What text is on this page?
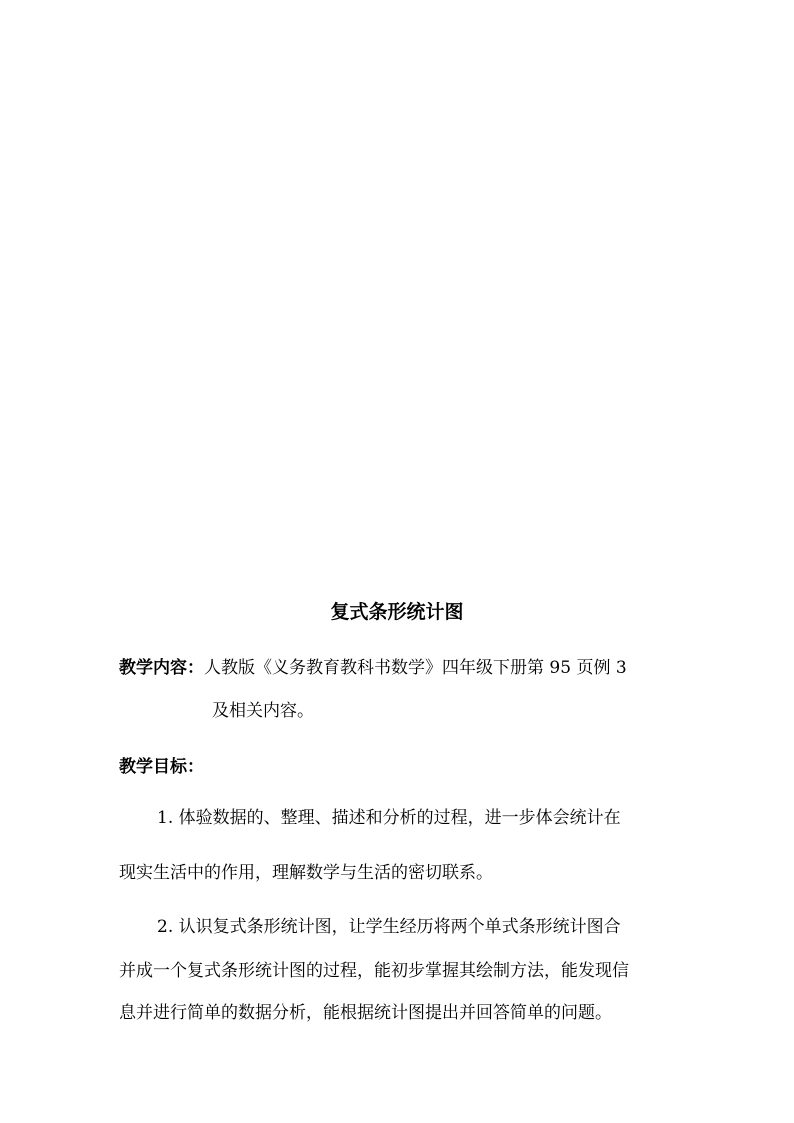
复式条形统计图
教学内容：人教版《义务教育教科书数学》四年级下册第 95 页例 3
及相关内容。
教学目标：
1. 体验数据的、整理、描述和分析的过程，进一步体会统计在
现实生活中的作用，理解数学与生活的密切联系。
2. 认识复式条形统计图，让学生经历将两个单式条形统计图合
并成一个复式条形统计图的过程，能初步掌握其绘制方法，能发现信
息并进行简单的数据分析，能根据统计图提出并回答简单的问题。
